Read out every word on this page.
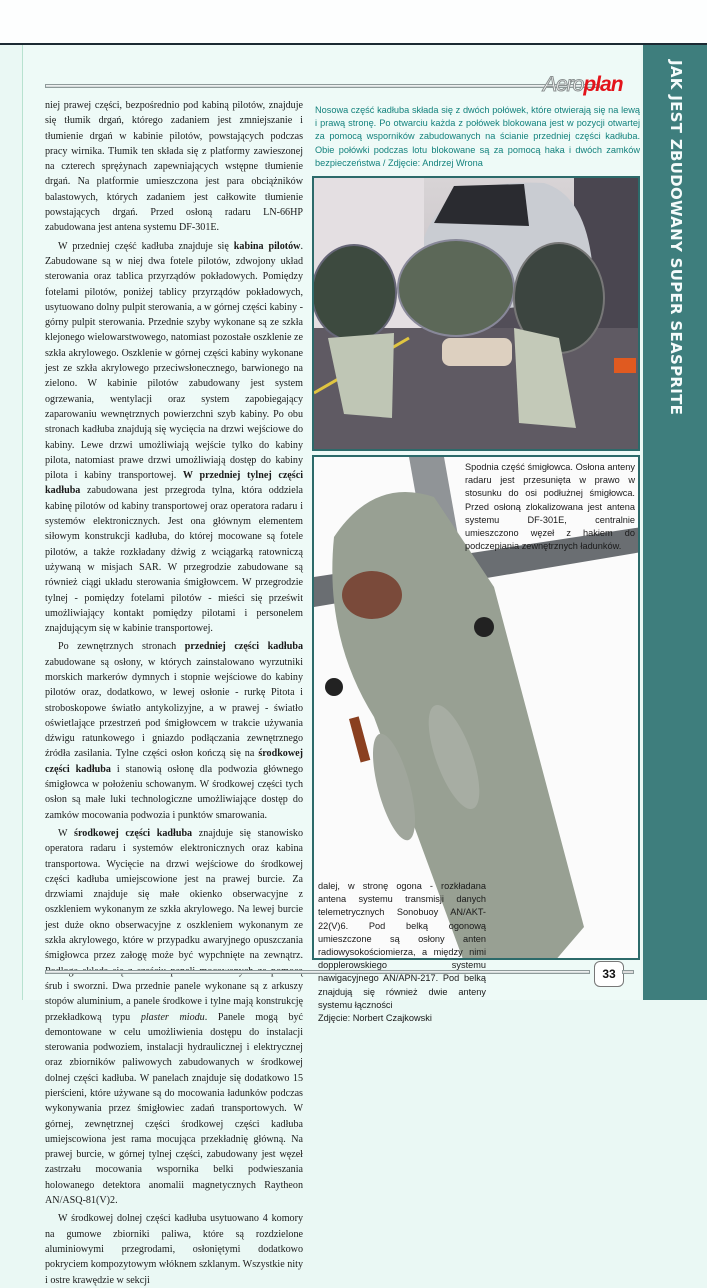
JAK JEST ZBUDOWANY SUPER SEASPRITE
Aeroplan

niej prawej części, bezpośrednio pod kabiną pilotów, znajduje się tłumik drgań, którego zadaniem jest zmniejszanie i tłumienie drgań w kabinie pilotów, powstających podczas pracy wirnika. Tłumik ten składa się z platformy zawieszonej na czterech sprężynach zapewniających wstępne tłumienie drgań. Na platformie umieszczona jest para obciążników balastowych, których zadaniem jest całkowite tłumienie powstających drgań. Przed osłoną radaru LN-66HP zabudowana jest antena systemu DF-301E.

W przedniej część kadłuba znajduje się kabina pilotów. Zabudowane są w niej dwa fotele pilotów, zdwojony układ sterowania oraz tablica przyrządów pokładowych. Pomiędzy fotelami pilotów, poniżej tablicy przyrządów pokładowych, usytuowano dolny pulpit sterowania, a w górnej części kabiny - górny pulpit sterowania. Przednie szyby wykonane są ze szkła klejonego wielowarstwowego, natomiast pozostałe oszklenie ze szkła akrylowego. Oszklenie w górnej części kabiny wykonane jest ze szkła akrylowego przeciwsłonecznego, barwionego na zielono. W kabinie pilotów zabudowany jest system ogrzewania, wentylacji oraz system zapobiegający zaparowaniu wewnętrznych powierzchni szyb kabiny. Po obu stronach kadłuba znajdują się wycięcia na drzwi wejściowe do kabiny. Lewe drzwi umożliwiają wejście tylko do kabiny pilota, natomiast prawe drzwi umożliwiają dostęp do kabiny pilota i kabiny transportowej. W przedniej tylnej części kadłuba zabudowana jest przegroda tylna, która oddziela kabinę pilotów od kabiny transportowej oraz operatora radaru i systemów elektronicznych. Jest ona głównym elementem siłowym konstrukcji kadłuba, do której mocowane są fotele pilotów, a także rozkładany dźwig z wciągarką ratowniczą używaną w misjach SAR. W przegrodzie zabudowane są również ciągi układu sterowania śmigłowcem. W przegrodzie tylnej - pomiędzy fotelami pilotów - mieści się prześwit umożliwiający kontakt pomiędzy pilotami i personelem znajdującym się w kabinie transportowej.

Po zewnętrznych stronach przedniej części kadłuba zabudowane są osłony, w których zainstalowano wyrzutniki morskich markerów dymnych i stopnie wejściowe do kabiny pilotów oraz, dodatkowo, w lewej osłonie - rurkę Pitota i stroboskopowe światło antykolizyjne, a w prawej - światło oświetlające przestrzeń pod śmigłowcem w trakcie używania dźwigu ratunkowego i gniazdo podłączania zewnętrznego źródła zasilania. Tylne części osłon kończą się na środkowej części kadłuba i stanowią osłonę dla podwozia głównego śmigłowca w położeniu schowanym. W środkowej części tych osłon są małe luki technologiczne umożliwiające dostęp do zamków mocowania podwozia i punktów smarowania.

W środkowej części kadłuba znajduje się stanowisko operatora radaru i systemów elektronicznych oraz kabina transportowa. Wycięcie na drzwi wejściowe do środkowej części kadłuba umiejscowione jest na prawej burcie. Za drzwiami znajduje się małe okienko obserwacyjne z oszkleniem wykonanym ze szkła akrylowego. Na lewej burcie jest duże okno obserwacyjne z oszkleniem wykonanym ze szkła akrylowego, które w przypadku awaryjnego opuszczania śmigłowca przez załogę może być wypchnięte na zewnątrz. śrub i sworzni. Dwa przednie panele wykonane są z arkuszy stopów aluminium, a panele środkowe i tylne mają konstrukcję przekładkową typu plaster miodu. Panele mogą być demontowane w celu umożliwienia dostępu do instalacji sterowania podwoziem, instalacji hydraulicznej i elektrycznej oraz zbiorników paliwowych zabudowanych w środkowej dolnej części kadłuba. W panelach znajduje się dodatkowo 15 pierścieni, które używane są do mocowania ładunków podczas wykonywania przez śmigłowiec zadań transportowych. W górnej, zewnętrznej części środkowej części kadłuba umiejscowiona jest rama mocująca przekładnię główną. Na prawej burcie, w górnej tylnej części, zabudowany jest węzeł zastrzału mocowania wspornika belki podwieszania holowanego detektora anomalii magnetycznych Raytheon AN/ASQ-81(V)2.

W środkowej dolnej części kadłuba usytuowano 4 komory na gumowe zbiorniki paliwa, które są rozdzielone aluminiowymi przegrodami, osłoniętymi dodatkowo pokryciem kompozytowym włóknem szklanym. Wszystkie nity i ostre krawędzie w sekcji

Nosowa część kadłuba składa się z dwóch połówek, które otwierają się na lewą i prawą stronę. Po otwarciu każda z połówek blokowana jest w pozycji otwartej za pomocą wsporników zabudowanych na ścianie przedniej części kadłuba. Obie połówki podczas lotu blokowane są za pomocą haka i dwóch zamków bezpieczeństwa / Zdjęcie: Andrzej Wrona
Spodnia część śmigłowca. Osłona anteny radaru jest przesunięta w prawo w stosunku do osi podłużnej śmigłowca. Przed osłoną zlokalizowana jest antena systemu DF-301E, centralnie umieszczono węzeł z hakiem do podczepiania zewnętrznych ładunków.
dalej, w stronę ogona - rozkładana antena systemu transmisji danych telemetrycznych Sonobuoy AN/AKT-22(V)6. Pod belką ogonową umieszczone są osłony anten radiowysokościomierza, a między nimi dopplerowskiego systemu nawigacyjnego AN/APN-217. Pod belką znajdują się również dwie anteny systemu łączności
Zdjęcie: Norbert Czajkowski
33
